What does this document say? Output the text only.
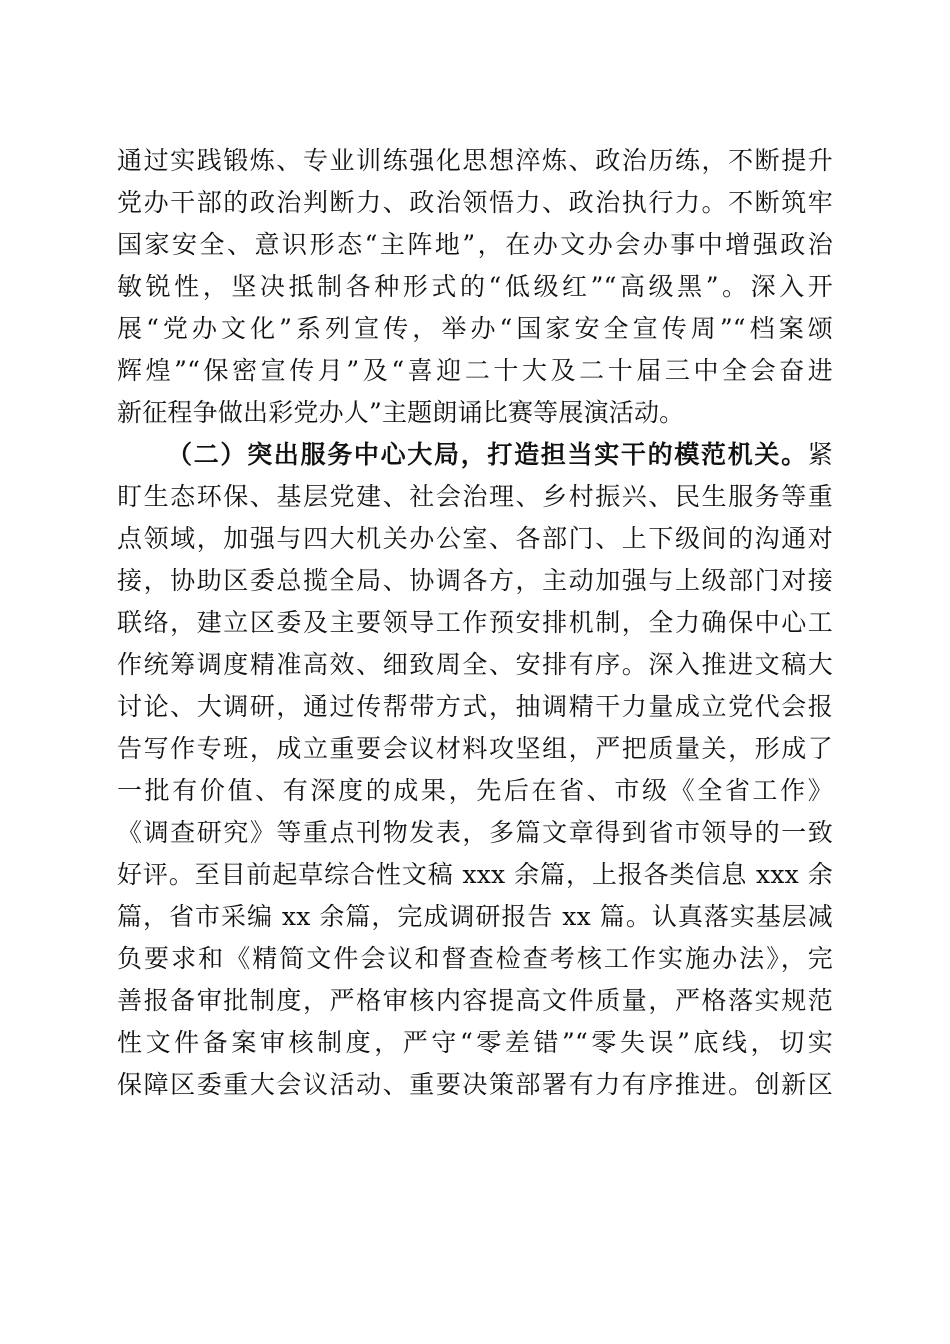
通过实践锻炼、专业训练强化思想淬炼、政治历练，不断提升
党办干部的政治判断力、政治领悟力、政治执行力。不断筑牢
国家安全、意识形态“主阵地”，在办文办会办事中增强政治
敏锐性，坚决抵制各种形式的“低级红”“高级黑”。深入开
展“党办文化”系列宣传，举办“国家安全宣传周”“档案颂
辉煌”“保密宣传月”及“喜迎二十大及二十届三中全会奋进
新征程争做出彩党办人”主题朗诵比赛等展演活动。
（二）突出服务中心大局，打造担当实干的模范机关。紧
盯生态环保、基层党建、社会治理、乡村振兴、民生服务等重
点领域，加强与四大机关办公室、各部门、上下级间的沟通对
接，协助区委总揽全局、协调各方，主动加强与上级部门对接
联络，建立区委及主要领导工作预安排机制，全力确保中心工
作统筹调度精准高效、细致周全、安排有序。深入推进文稿大
讨论、大调研，通过传帮带方式，抽调精干力量成立党代会报
告写作专班，成立重要会议材料攻坚组，严把质量关，形成了
一批有价值、有深度的成果，先后在省、市级《全省工作》
《调查研究》等重点刊物发表，多篇文章得到省市领导的一致
好评。至目前起草综合性文稿 xxx 余篇，上报各类信息 xxx 余
篇，省市采编 xx 余篇，完成调研报告 xx 篇。认真落实基层减
负要求和《精简文件会议和督查检查考核工作实施办法》，完
善报备审批制度，严格审核内容提高文件质量，严格落实规范
性文件备案审核制度，严守“零差错”“零失误”底线，切实
保障区委重大会议活动、重要决策部署有力有序推进。创新区
